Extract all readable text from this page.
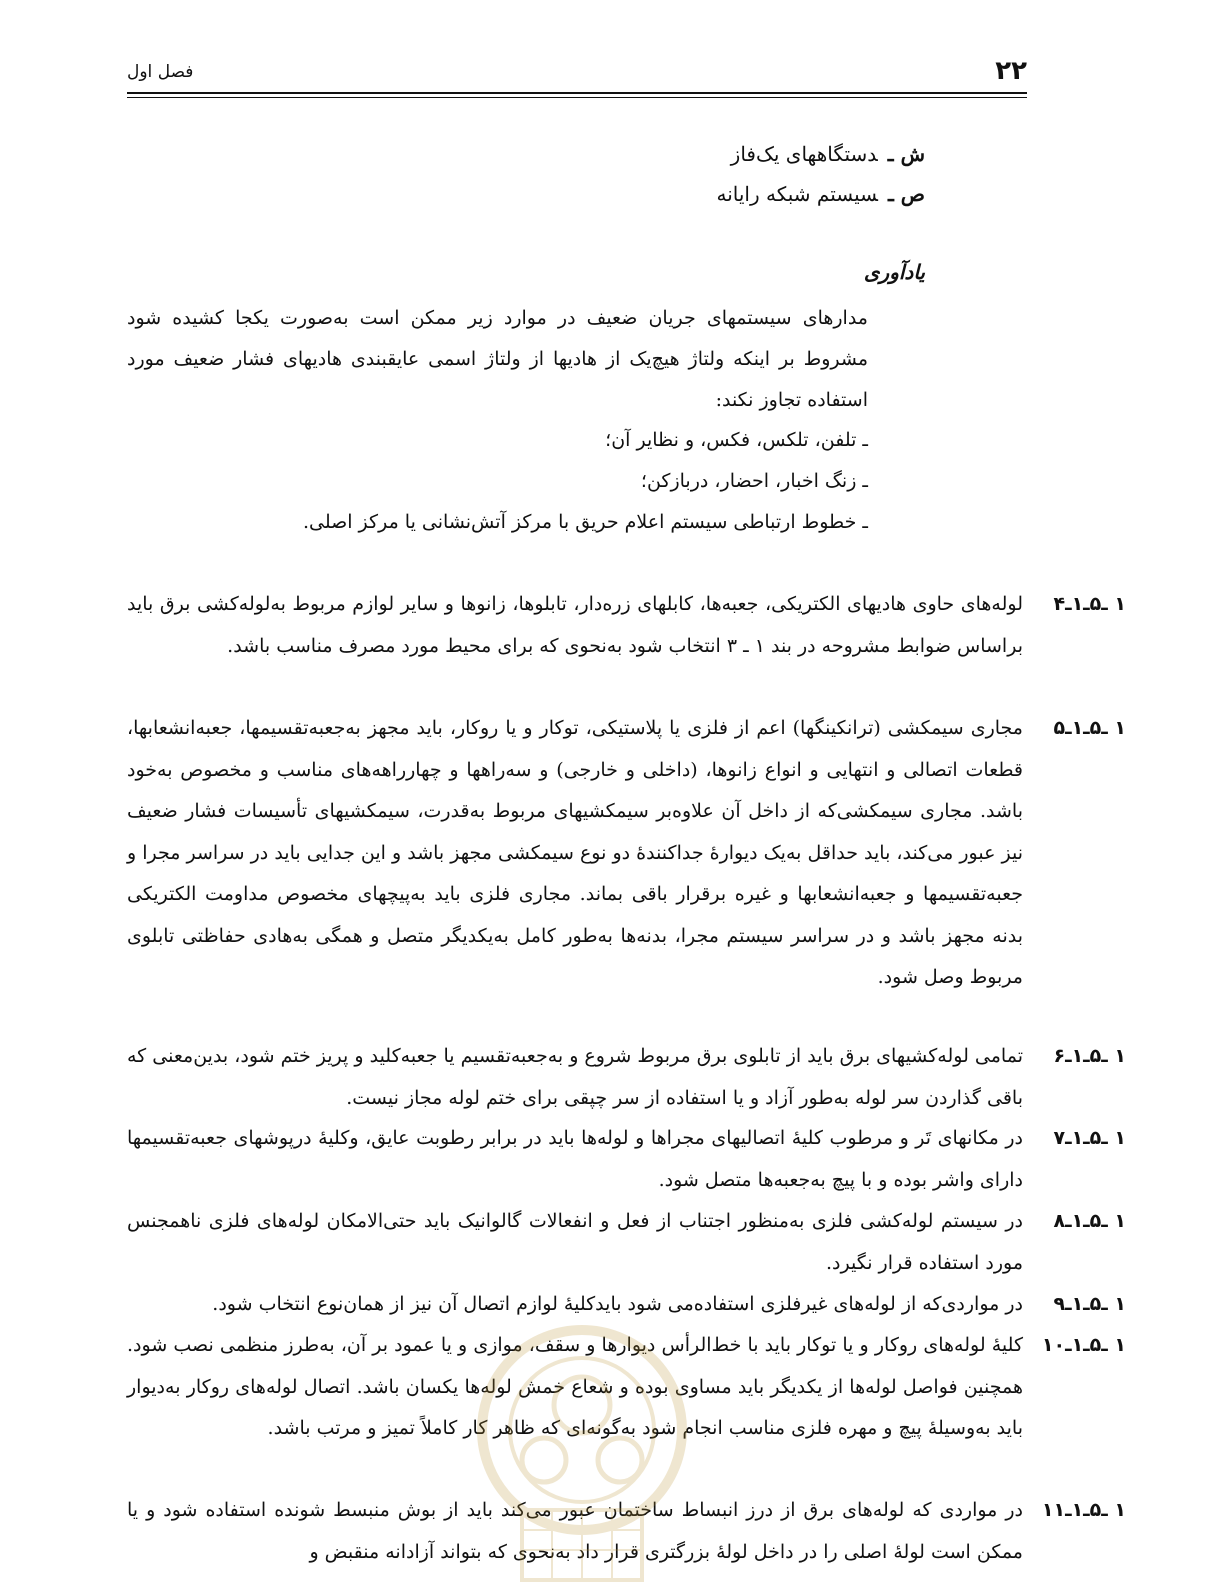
۲۲
فصل اول
ش ـدستگاههای یک‌فاز
ص ـسیستم شبکه رایانه
یادآوری

مدارهای سیستمهای جریان ضعیف در موارد زیر ممکن است به‌صورت یکجا کشیده شود مشروط بر اینکه ولتاژ هیچ‌یک از هادیها از ولتاژ اسمی عایقبندی هادیهای فشار ضعیف مورد استفاده تجاوز نکند:

ـ تلفن، تلکس، فکس، و نظایر آن؛
ـ زنگ اخبار، احضار، دربازکن؛
ـ خطوط ارتباطی سیستم اعلام حریق با مرکز آتش‌نشانی یا مرکز اصلی.
۱ ـ۵ـ۱ـ۴
لوله‌های حاوی هادیهای الکتریکی، جعبه‌ها، کابلهای زره‌دار، تابلوها، زانوها و سایر لوازم مربوط به‌لوله‌کشی برق باید براساس ضوابط مشروحه در بند ۱ ـ ۳ انتخاب شود به‌نحوی که برای محیط مورد مصرف مناسب باشد.
۱ ـ۵ـ۱ـ۵
مجاری سیمکشی (ترانکینگها) اعم از فلزی یا پلاستیکی، توکار و یا روکار، باید مجهز به‌جعبه‌تقسیمها، جعبه‌انشعابها، قطعات اتصالی و انتهایی و انواع زانوها، (داخلی و خارجی) و سه‌راهها و چهارراهه‌های مناسب و مخصوص به‌خود باشد. مجاری سیمکشی‌که از داخل آن علاوه‌بر سیمکشیهای مربوط به‌قدرت، سیمکشیهای تأسیسات فشار ضعیف نیز عبور می‌کند، باید حداقل به‌یک دیوارهٔ جداکنندهٔ دو نوع سیمکشی مجهز باشد و این جدایی باید در سراسر مجرا و جعبه‌تقسیمها و جعبه‌انشعابها و غیره برقرار باقی بماند. مجاری فلزی باید به‌پیچهای مخصوص مداومت الکتریکی بدنه مجهز باشد و در سراسر سیستم مجرا، بدنه‌ها به‌طور کامل به‌یکدیگر متصل و همگی به‌هادی حفاظتی تابلوی مربوط وصل شود.
۱ ـ۵ـ۱ـ۶
تمامی لوله‌کشیهای برق باید از تابلوی برق مربوط شروع و به‌جعبه‌تقسیم یا جعبه‌کلید و پریز ختم شود، بدین‌معنی که باقی گذاردن سر لوله به‌طور آزاد و یا استفاده از سر چپقی برای ختم لوله مجاز نیست.
۱ ـ۵ـ۱ـ۷
در مکانهای تَر و مرطوب کلیهٔ اتصالیهای مجراها و لوله‌ها باید در برابر رطوبت عایق، وکلیهٔ درپوشهای جعبه‌تقسیمها دارای واشر بوده و با پیچ به‌جعبه‌ها متصل شود.
۱ ـ۵ـ۱ـ۸
در سیستم لوله‌کشی فلزی به‌منظور اجتناب از فعل و انفعالات گالوانیک باید حتی‌الامکان لوله‌های فلزی ناهمجنس مورد استفاده قرار نگیرد.
۱ ـ۵ـ۱ـ۹
در مواردی‌که از لوله‌های غیرفلزی استفاده‌می شود باید‌کلیهٔ لوازم اتصال آن نیز از همان‌نوع انتخاب شود.
۱ ـ۵ـ۱ـ۱۰
کلیهٔ لوله‌های روکار و یا توکار باید با خط‌الرأس دیوارها و سقف، موازی و یا عمود بر آن، به‌طرز منظمی نصب شود. همچنین فواصل لوله‌ها از یکدیگر باید مساوی بوده و شعاع خمش لوله‌ها یکسان باشد. اتصال لوله‌های روکار به‌دیوار باید به‌وسیلهٔ پیچ و مهره فلزی مناسب انجام شود به‌گونه‌ای که ظاهر کار کاملاً تمیز و مرتب باشد.
۱ ـ۵ـ۱ـ۱۱
در مواردی که لوله‌های برق از درز انبساط ساختمان عبور می‌کند باید از بوش منبسط شونده استفاده شود و یا ممکن است لولهٔ اصلی را در داخل لولهٔ بزرگتری قرار داد به‌نحوی که بتواند آزادانه منقبض و
